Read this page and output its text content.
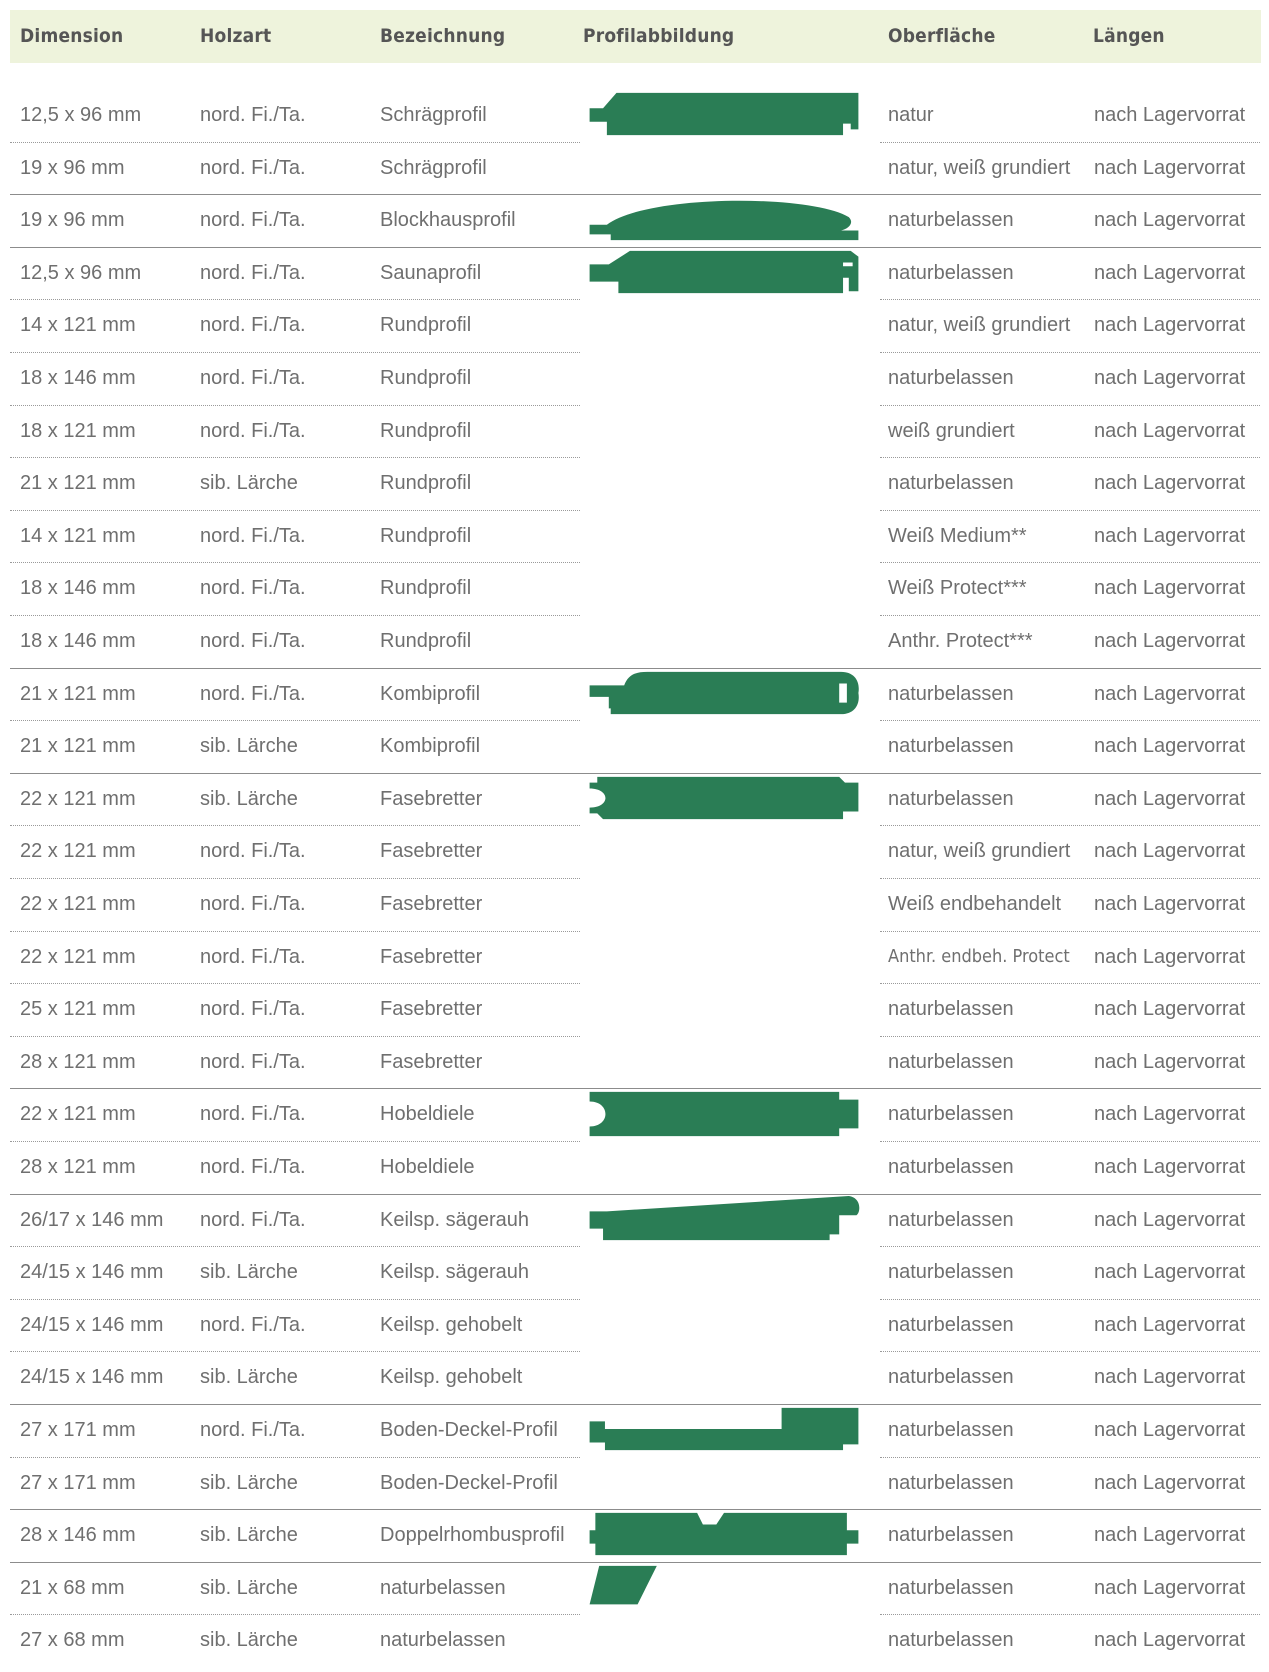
Dimension	Holzart	Bezeichnung	Profilabbildung	Oberfläche	Längen
12,5 x 96 mm	nord. Fi./Ta.	Schrägprofil	natur	nach Lagervorrat
19 x 96 mm	nord. Fi./Ta.	Schrägprofil	natur, weiß grundiert nach Lagervorrat
19 x 96 mm	nord. Fi./Ta.	Blockhausprofil	naturbelassen	nach Lagervorrat
12,5 x 96 mm	nord. Fi./Ta.	Saunaprofil	naturbelassen	nach Lagervorrat
14 x 121 mm	nord. Fi./Ta.	Rundprofil	natur, weiß grundiert nach Lagervorrat
18 x 146 mm	nord. Fi./Ta.	Rundprofil	naturbelassen	nach Lagervorrat
18 x 121 mm	nord. Fi./Ta.	Rundprofil	weiß grundiert	nach Lagervorrat
21 x 121 mm	sib. Lärche	Rundprofil	naturbelassen	nach Lagervorrat
14 x 121 mm	nord. Fi./Ta.	Rundprofil	Weiß Medium**	nach Lagervorrat
18 x 146 mm	nord. Fi./Ta.	Rundprofil	Weiß Protect***	nach Lagervorrat
18 x 146 mm	nord. Fi./Ta.	Rundprofil	Anthr. Protect***	nach Lagervorrat
21 x 121 mm	nord. Fi./Ta.	Kombiprofil	naturbelassen	nach Lagervorrat
21 x 121 mm	sib. Lärche	Kombiprofil	naturbelassen	nach Lagervorrat
22 x 121 mm	sib. Lärche	Fasebretter	naturbelassen	nach Lagervorrat
22 x 121 mm	nord. Fi./Ta.	Fasebretter	natur, weiß grundiert nach Lagervorrat
22 x 121 mm	nord. Fi./Ta.	Fasebretter	Weiß endbehandelt nach Lagervorrat
22 x 121 mm	nord. Fi./Ta.	Fasebretter	Anthr. endbeh. Protect nach Lagervorrat
25 x 121 mm	nord. Fi./Ta.	Fasebretter	naturbelassen	nach Lagervorrat
28 x 121 mm	nord. Fi./Ta.	Fasebretter	naturbelassen	nach Lagervorrat
22 x 121 mm	nord. Fi./Ta.	Hobeldiele	naturbelassen	nach Lagervorrat
28 x 121 mm	nord. Fi./Ta.	Hobeldiele	naturbelassen	nach Lagervorrat
26/17 x 146 mm nord. Fi./Ta.	Keilsp. sägerauh	naturbelassen	nach Lagervorrat
24/15 x 146 mm sib. Lärche	Keilsp. sägerauh	naturbelassen	nach Lagervorrat
24/15 x 146 mm nord. Fi./Ta.	Keilsp. gehobelt	naturbelassen	nach Lagervorrat
24/15 x 146 mm sib. Lärche	Keilsp. gehobelt	naturbelassen	nach Lagervorrat
27 x 171 mm	nord. Fi./Ta.	Boden-Deckel-Profil	naturbelassen	nach Lagervorrat
27 x 171 mm	sib. Lärche	Boden-Deckel-Profil	naturbelassen	nach Lagervorrat
28 x 146 mm	sib. Lärche	Doppelrhombusprofil	naturbelassen	nach Lagervorrat
21 x 68 mm	sib. Lärche	naturbelassen	naturbelassen	nach Lagervorrat
27 x 68 mm	sib. Lärche	naturbelassen	naturbelassen	nach Lagervorrat
